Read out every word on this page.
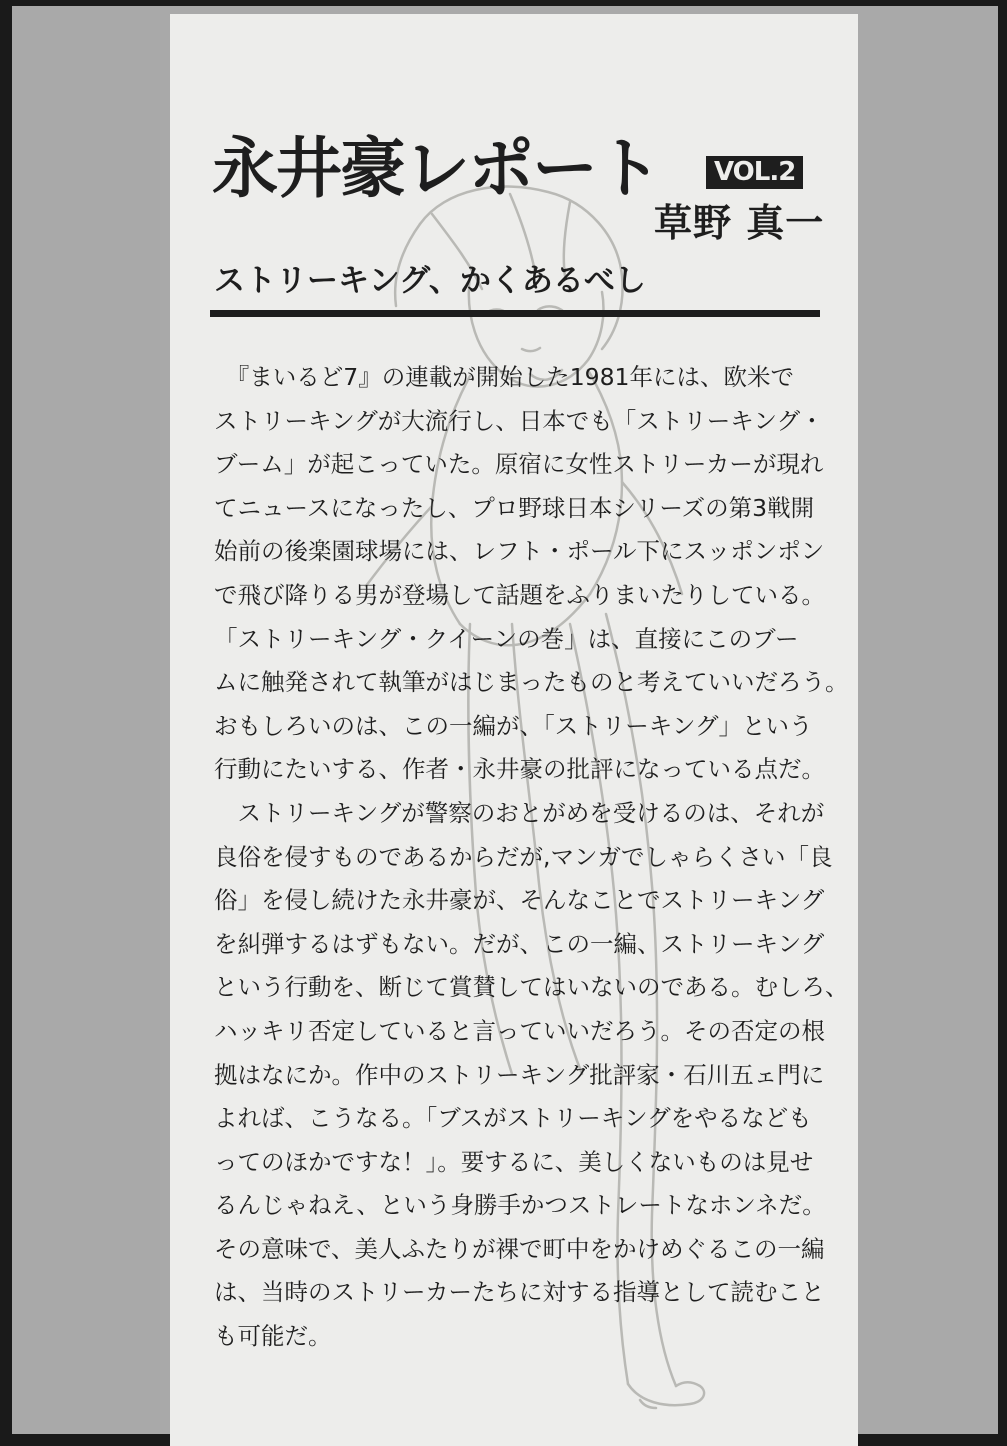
永井豪レポート	VOL.2
草野 真一
ストリーキング、かくあるべし

　『まいるど7』の連載が開始した1981年には、欧米で

ストリーキングが大流行し、日本でも「ストリーキング・

ブーム」が起こっていた。原宿に女性ストリーカーが現れ

てニュースになったし、プロ野球日本シリーズの第3戦開

始前の後楽園球場には、レフト・ポール下にスッポンポン

で飛び降りる男が登場して話題をふりまいたりしている。

「ストリーキング・クイーンの巻」は、直接にこのブー

ムに触発されて執筆がはじまったものと考えていいだろう。

おもしろいのは、この一編が、「ストリーキング」という

行動にたいする、作者・永井豪の批評になっている点だ。

　ストリーキングが警察のおとがめを受けるのは、それが

良俗を侵すものであるからだが,マンガでしゃらくさい「良

俗」を侵し続けた永井豪が、そんなことでストリーキング

を糾弾するはずもない。だが、この一編、ストリーキング

という行動を、断じて賞賛してはいないのである。むしろ、

ハッキリ否定していると言っていいだろう。その否定の根

拠はなにか。作中のストリーキング批評家・石川五ェ門に

よれば、こうなる。「ブスがストリーキングをやるなども

ってのほかですな！」。要するに、美しくないものは見せ

るんじゃねえ、という身勝手かつストレートなホンネだ。

その意味で、美人ふたりが裸で町中をかけめぐるこの一編

は、当時のストリーカーたちに対する指導として読むこと

も可能だ。
